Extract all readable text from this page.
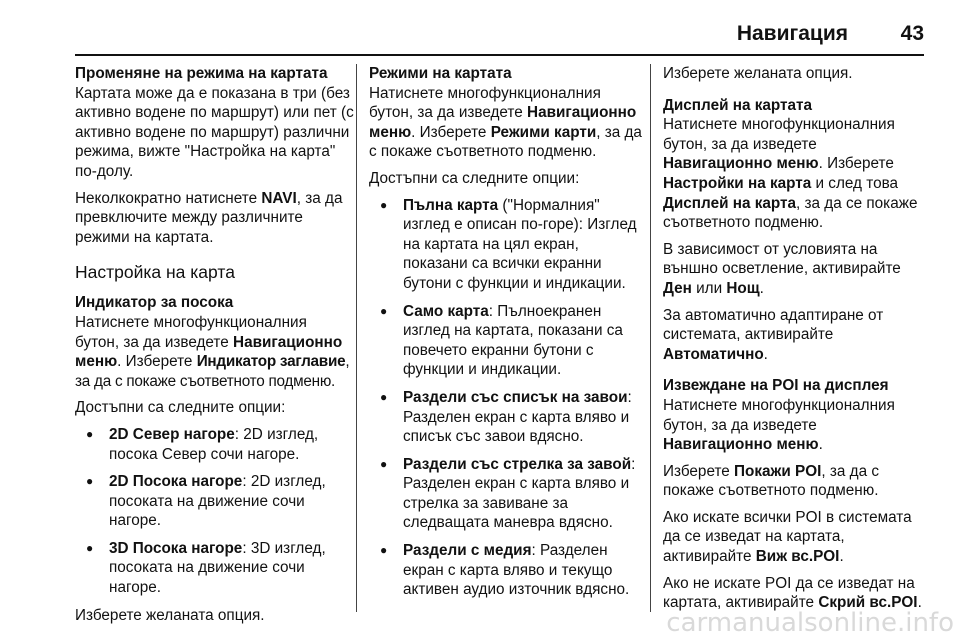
Навигация	43
Променяне на режима на картата

Картата може да е показана в три (без активно водене по маршрут) или пет (с активно водене по маршрут) различни режима, вижте "Настройка на карта" по-долу.

Неколкократно натиснете NAVI, за да превключите между различните режими на картата.

Настройка на карта
Индикатор за посока

Натиснете многофункционалния бутон, за да изведете Навигационно меню. Изберете Индикатор заглавие, за да с покаже съответното подменю.

Достъпни са следните опции:

● 2D Север нагоре: 2D изглед, посока Север сочи нагоре.
● 2D Посока нагоре: 2D изглед, посоката на движение сочи нагоре.
● 3D Посока нагоре: 3D изглед, посоката на движение сочи нагоре.

Изберете желаната опция.

Режими на картата

Натиснете многофункционалния бутон, за да изведете Навигационно меню. Изберете Режими карти, за да с покаже съответното подменю.

Достъпни са следните опции:

● Пълна карта ("Нормалния" изглед е описан по-горе): Изглед на картата на цял екран, показани са всички екранни бутони с функции и индикации.
● Само карта: Пълноекранен изглед на картата, показани са повечето екранни бутони с функции и индикации.
● Раздели със списък на завои: Разделен екран с карта вляво и списък със завои вдясно.
● Раздели със стрелка за завой: Разделен екран с карта вляво и стрелка за завиване за следващата маневра вдясно.
● Раздели с медия: Разделен екран с карта вляво и текущо активен аудио източник вдясно.

Изберете желаната опция.

Дисплей на картата

Натиснете многофункционалния бутон, за да изведете Навигационно меню. Изберете Настройки на карта и след това Дисплей на карта, за да се покаже съответното подменю.

В зависимост от условията на външно осветление, активирайте Ден или Нощ.

За автоматично адаптиране от системата, активирайте Автоматично.

Извеждане на POI на дисплея

Натиснете многофункционалния бутон, за да изведете Навигационно меню.

Изберете Покажи POI, за да с покаже съответното подменю.

Ако искате всички POI в системата да се изведат на картата, активирайте Виж вс.POI.

Ако не искате POI да се изведат на картата, активирайте Скрий вс.POI.

carmanualsonline.info
